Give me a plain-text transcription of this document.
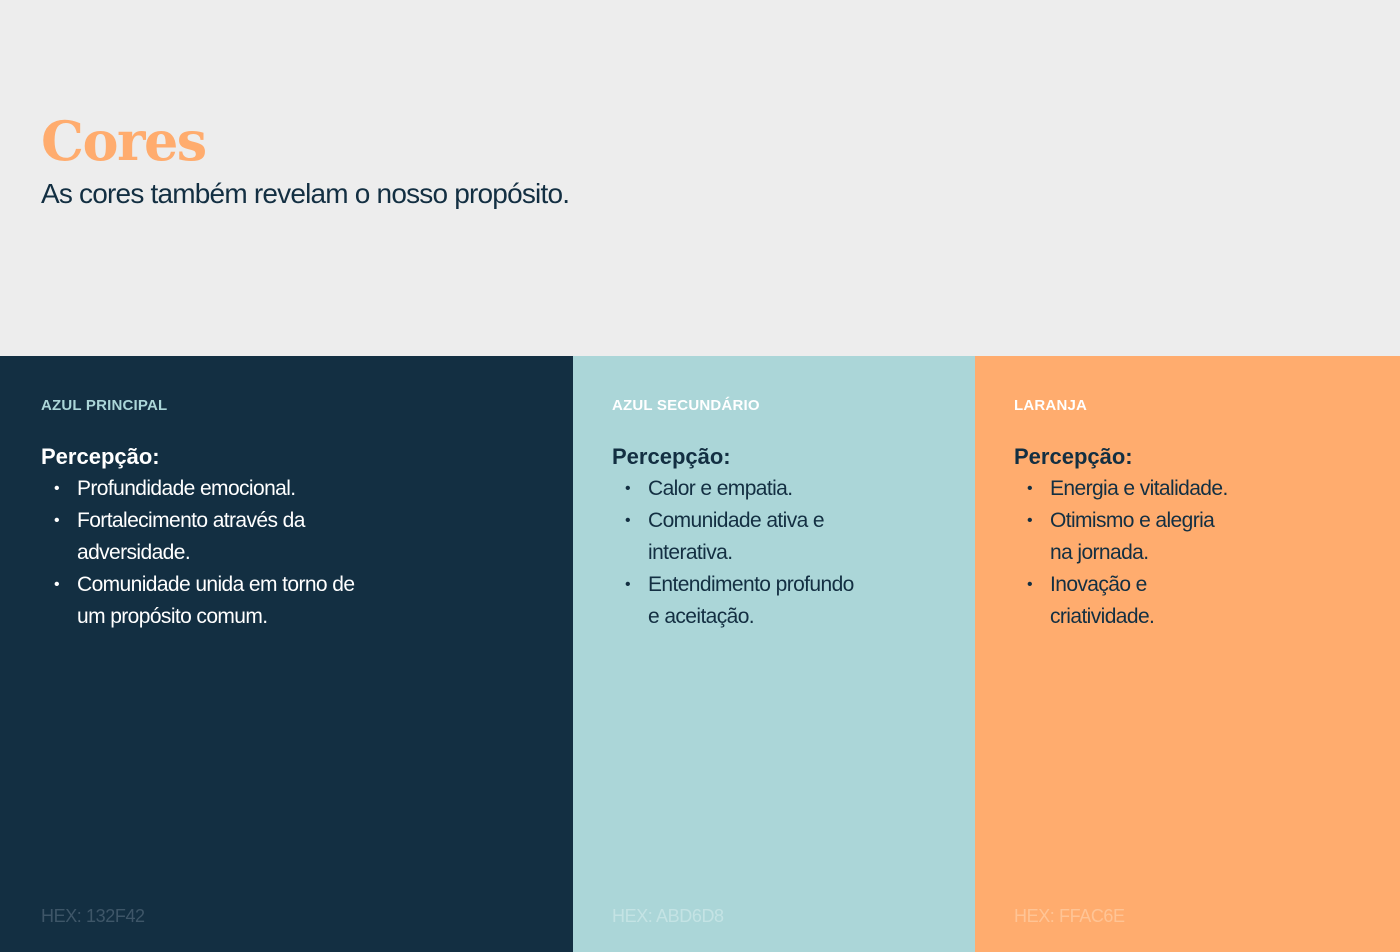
Cores

As cores também revelam o nosso propósito.

AZUL PRINCIPAL
Percepção:
• Profundidade emocional.
• Fortalecimento através da
adversidade.
• Comunidade unida em torno de
um propósito comum.
HEX: 132F42
AZUL SECUNDÁRIO
Percepção:
• Calor e empatia.
• Comunidade ativa e
interativa.
• Entendimento profundo
e aceitação.
HEX: ABD6D8
LARANJA
Percepção:
• Energia e vitalidade.
• Otimismo e alegria
na jornada.
• Inovação e
criatividade.
HEX: FFAC6E
